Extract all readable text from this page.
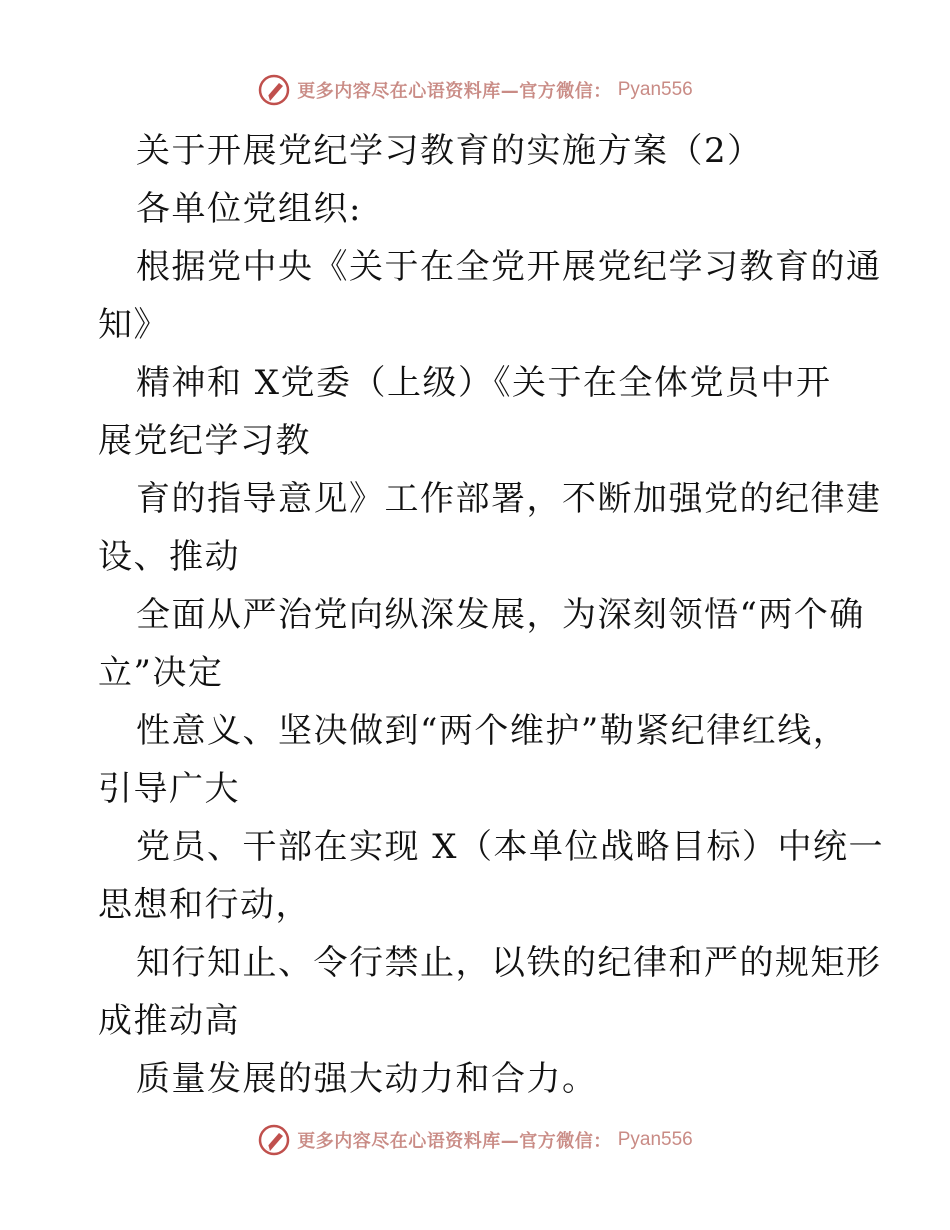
更多内容尽在心语资料库—官方微信： Pyan556
关于开展党纪学习教育的实施方案（2）
各单位党组织:
根据党中央《关于在全党开展党纪学习教育的通
知》
精神和 X党委（上级）《关于在全体党员中开
展党纪学习教
育的指导意见》工作部署，不断加强党的纪律建
设、推动
全面从严治党向纵深发展，为深刻领悟“两个确
立”决定
性意义、坚决做到“两个维护”勒紧纪律红线，
引导广大
党员、干部在实现 X（本单位战略目标）中统一
思想和行动，
知行知止、令行禁止，以铁的纪律和严的规矩形
成推动高
质量发展的强大动力和合力。
更多内容尽在心语资料库—官方微信： Pyan556
